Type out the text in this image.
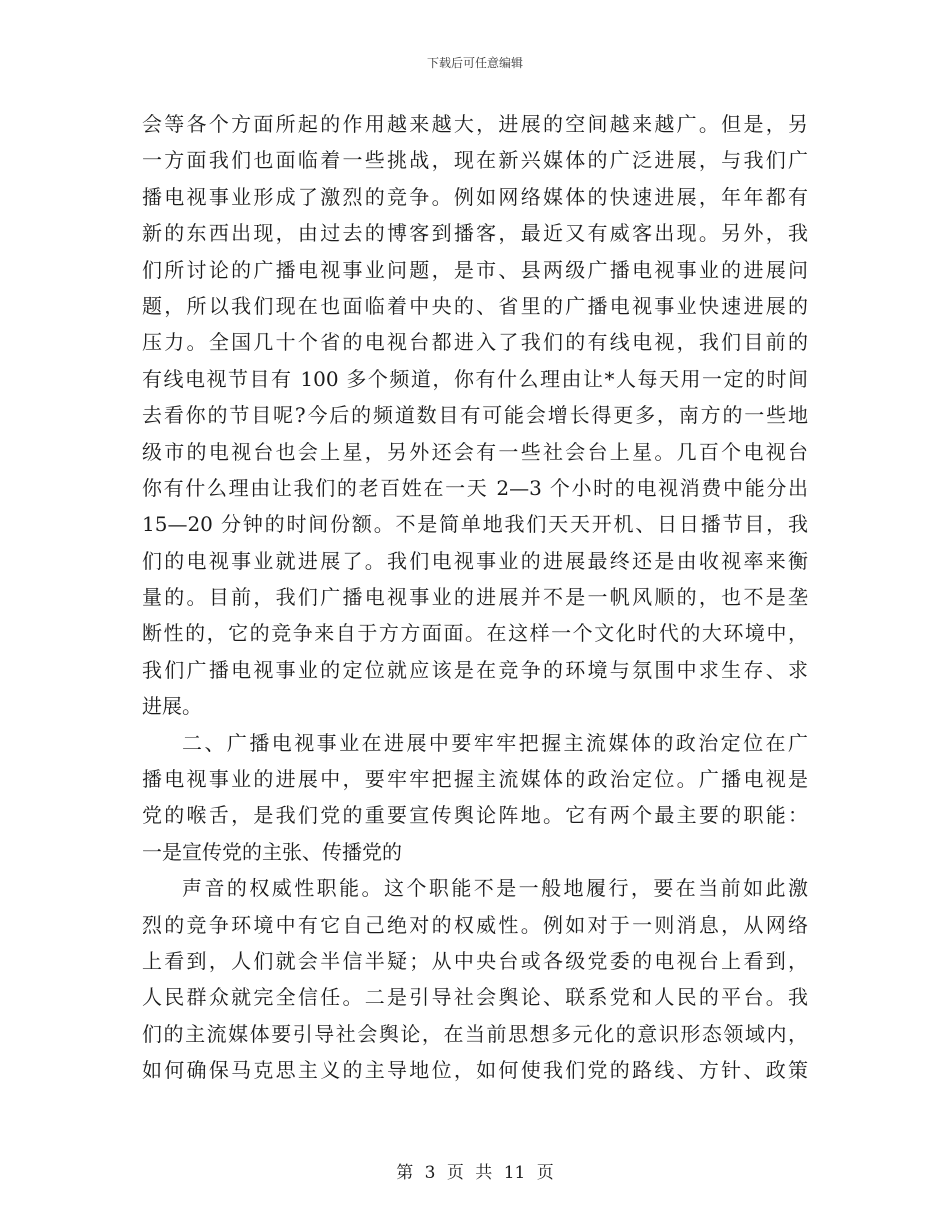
下载后可任意编辑
会等各个方面所起的作用越来越大，进展的空间越来越广。但是，另
一方面我们也面临着一些挑战，现在新兴媒体的广泛进展，与我们广
播电视事业形成了激烈的竞争。例如网络媒体的快速进展，年年都有
新的东西出现，由过去的博客到播客，最近又有威客出现。另外，我
们所讨论的广播电视事业问题，是市、县两级广播电视事业的进展问
题，所以我们现在也面临着中央的、省里的广播电视事业快速进展的
压力。全国几十个省的电视台都进入了我们的有线电视，我们目前的
有线电视节目有 100 多个频道，你有什么理由让*人每天用一定的时间
去看你的节目呢?今后的频道数目有可能会增长得更多，南方的一些地
级市的电视台也会上星，另外还会有一些社会台上星。几百个电视台
你有什么理由让我们的老百姓在一天 2—3 个小时的电视消费中能分出
15—20 分钟的时间份额。不是简单地我们天天开机、日日播节目，我
们的电视事业就进展了。我们电视事业的进展最终还是由收视率来衡
量的。目前，我们广播电视事业的进展并不是一帆风顺的，也不是垄
断性的，它的竞争来自于方方面面。在这样一个文化时代的大环境中，
我们广播电视事业的定位就应该是在竞争的环境与氛围中求生存、求
进展。
二、广播电视事业在进展中要牢牢把握主流媒体的政治定位在广
播电视事业的进展中，要牢牢把握主流媒体的政治定位。广播电视是
党的喉舌，是我们党的重要宣传舆论阵地。它有两个最主要的职能：
一是宣传党的主张、传播党的
声音的权威性职能。这个职能不是一般地履行，要在当前如此激
烈的竞争环境中有它自己绝对的权威性。例如对于一则消息，从网络
上看到，人们就会半信半疑；从中央台或各级党委的电视台上看到，
人民群众就完全信任。二是引导社会舆论、联系党和人民的平台。我
们的主流媒体要引导社会舆论，在当前思想多元化的意识形态领域内，
如何确保马克思主义的主导地位，如何使我们党的路线、方针、政策
第 3 页 共 11 页
